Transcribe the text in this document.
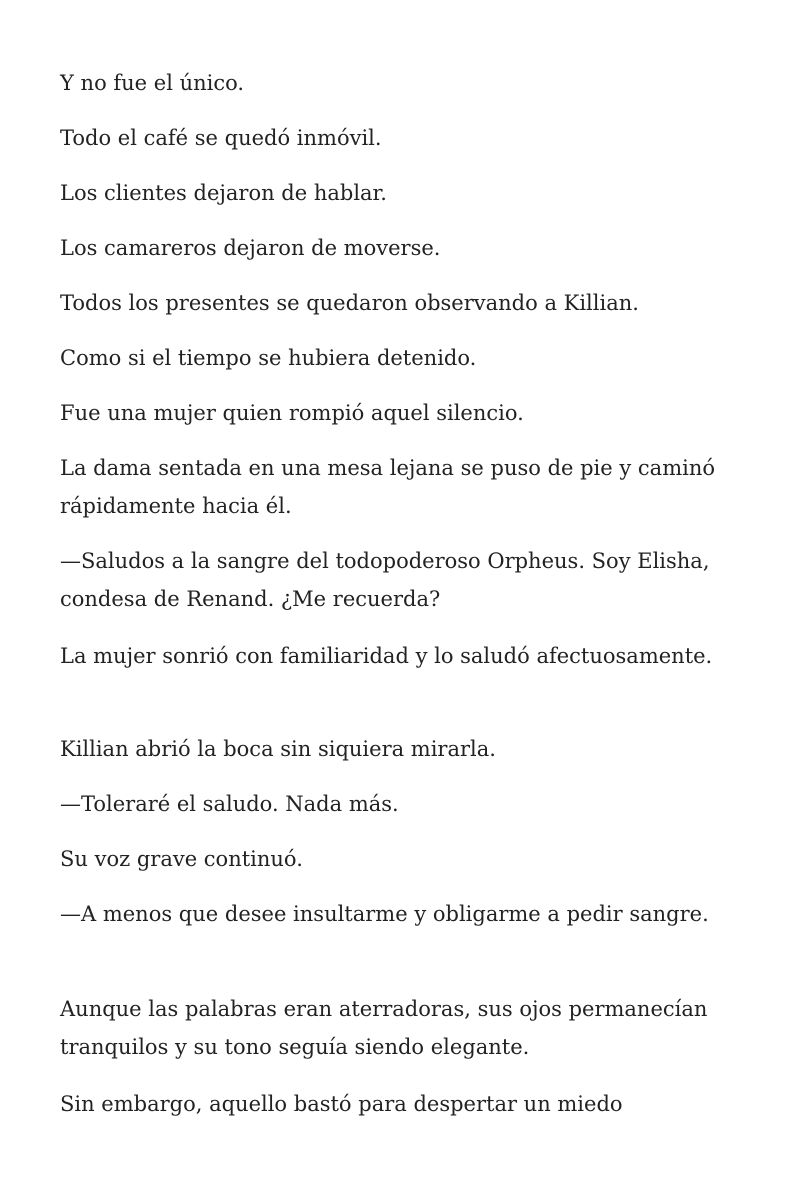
Y no fue el único.

Todo el café se quedó inmóvil.

Los clientes dejaron de hablar.

Los camareros dejaron de moverse.

Todos los presentes se quedaron observando a Killian.

Como si el tiempo se hubiera detenido.

Fue una mujer quien rompió aquel silencio.

La dama sentada en una mesa lejana se puso de pie y caminó rápidamente hacia él.

—Saludos a la sangre del todopoderoso Orpheus. Soy Elisha, condesa de Renand. ¿Me recuerda?

La mujer sonrió con familiaridad y lo saludó afectuosamente.

Killian abrió la boca sin siquiera mirarla.

—Toleraré el saludo. Nada más.

Su voz grave continuó.

—A menos que desee insultarme y obligarme a pedir sangre.

Aunque las palabras eran aterradoras, sus ojos permanecían tranquilos y su tono seguía siendo elegante.

Sin embargo, aquello bastó para despertar un miedo
